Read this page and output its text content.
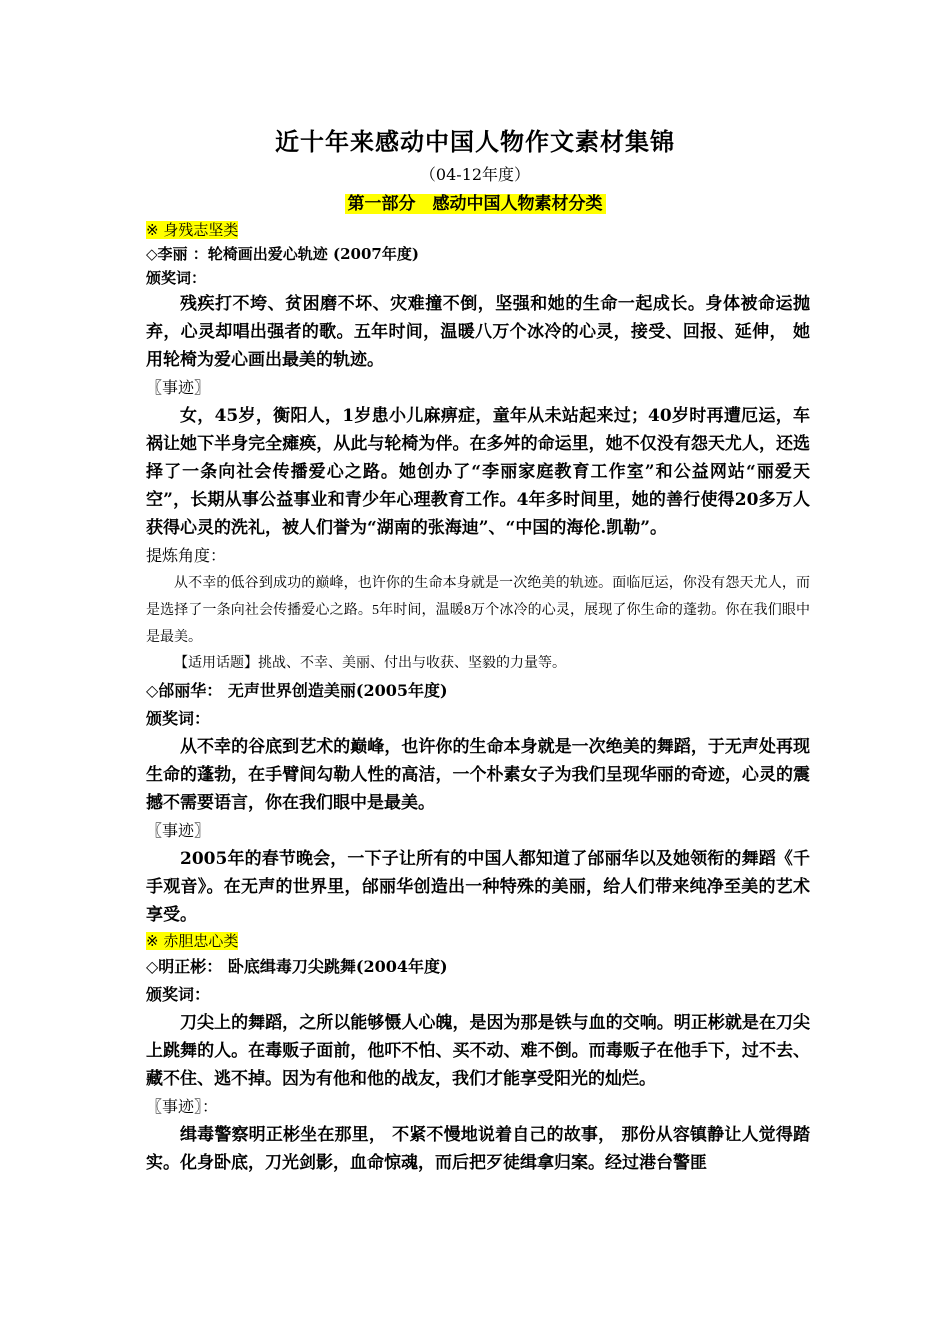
近十年来感动中国人物作文素材集锦
（04-12年度）
第一部分　感动中国人物素材分类
※ 身残志坚类
◇李丽 ：轮椅画出爱心轨迹 (2007年度)
颁奖词：

残疾打不垮、贫困磨不坏、灾难撞不倒，坚强和她的生命一起成长。身体被命运抛弃，心灵却唱出强者的歌。五年时间，温暖八万个冰冷的心灵，接受、回报、延伸， 她用轮椅为爱心画出最美的轨迹。

〖事迹〗

女，45岁，衡阳人，1岁患小儿麻痹症，童年从未站起来过；40岁时再遭厄运，车祸让她下半身完全瘫痪，从此与轮椅为伴。在多舛的命运里，她不仅没有怨天尤人，还选择了一条向社会传播爱心之路。她创办了“李丽家庭教育工作室”和公益网站“丽爱天空”，长期从事公益事业和青少年心理教育工作。4年多时间里，她的善行使得20多万人获得心灵的洗礼，被人们誉为“湖南的张海迪”、“中国的海伦.凯勒”。

提炼角度：

从不幸的低谷到成功的巅峰，也许你的生命本身就是一次绝美的轨迹。面临厄运，你没有怨天尤人，而是选择了一条向社会传播爱心之路。5年时间，温暖8万个冰冷的心灵，展现了你生命的蓬勃。你在我们眼中是最美。

【适用话题】挑战、不幸、美丽、付出与收获、坚毅的力量等。
◇邰丽华： 无声世界创造美丽(2005年度)
颁奖词：

从不幸的谷底到艺术的巅峰，也许你的生命本身就是一次绝美的舞蹈，于无声处再现生命的蓬勃，在手臂间勾勒人性的高洁，一个朴素女子为我们呈现华丽的奇迹，心灵的震撼不需要语言，你在我们眼中是最美。

〖事迹〗

2005年的春节晚会，一下子让所有的中国人都知道了邰丽华以及她领衔的舞蹈《千手观音》。在无声的世界里，邰丽华创造出一种特殊的美丽，给人们带来纯净至美的艺术享受。

※ 赤胆忠心类
◇明正彬： 卧底缉毒刀尖跳舞(2004年度)
颁奖词：

刀尖上的舞蹈，之所以能够慑人心魄，是因为那是铁与血的交响。明正彬就是在刀尖上跳舞的人。在毒贩子面前，他吓不怕、买不动、难不倒。而毒贩子在他手下，过不去、藏不住、逃不掉。因为有他和他的战友，我们才能享受阳光的灿烂。

〖事迹〗：

缉毒警察明正彬坐在那里， 不紧不慢地说着自己的故事， 那份从容镇静让人觉得踏实。化身卧底，刀光剑影，血命惊魂，而后把歹徒缉拿归案。经过港台警匪
